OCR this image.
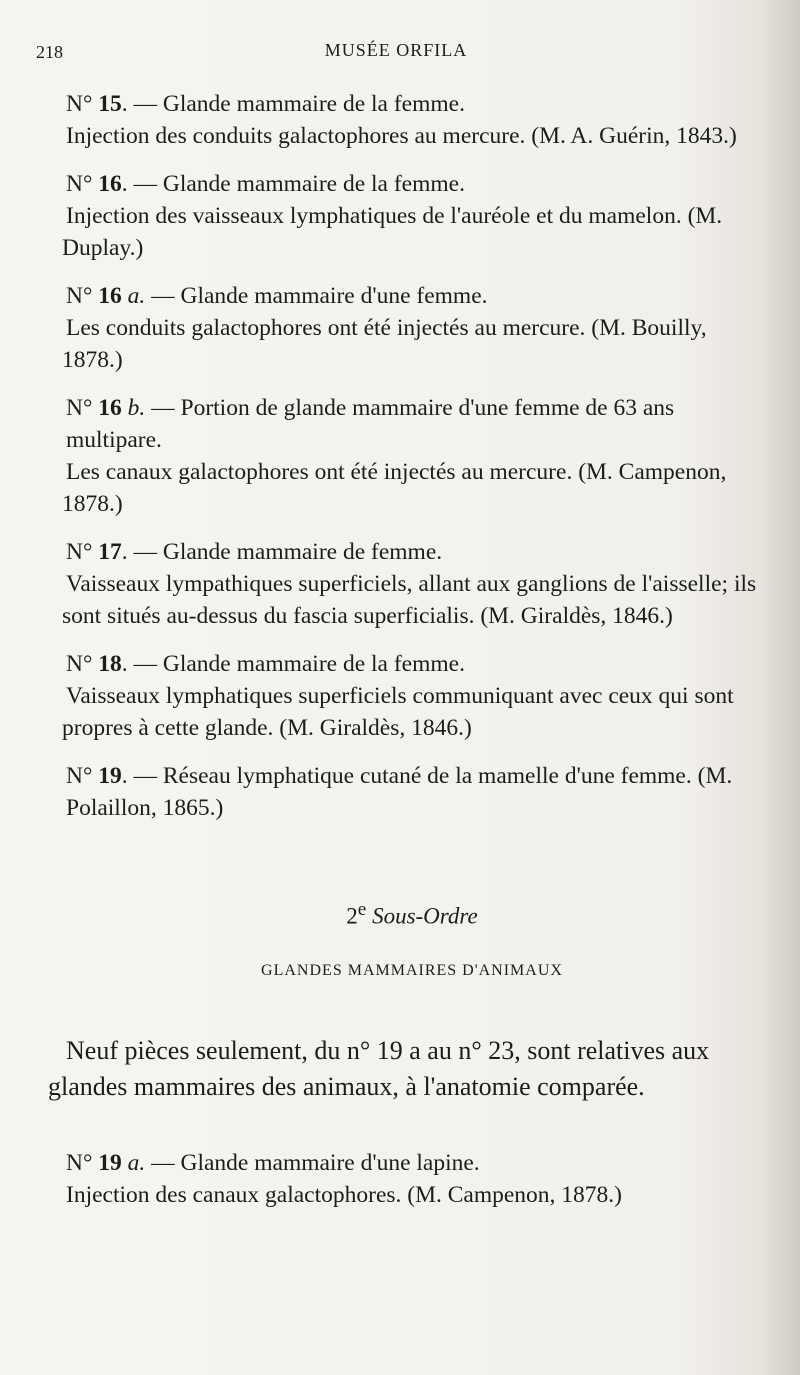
218	MUSÉE ORFILA

N° 15. — Glande mammaire de la femme.

Injection des conduits galactophores au mercure. (M. A. Guérin, 1843.)

N° 16. — Glande mammaire de la femme.

Injection des vaisseaux lymphatiques de l'auréole et du mamelon. (M. Duplay.)

N° 16 a. — Glande mammaire d'une femme.

Les conduits galactophores ont été injectés au mercure. (M. Bouilly, 1878.)

N° 16 b. — Portion de glande mammaire d'une femme de 63 ans multipare.

Les canaux galactophores ont été injectés au mercure. (M. Campenon, 1878.)

N° 17. — Glande mammaire de femme.

Vaisseaux lympathiques superficiels, allant aux ganglions de l'aisselle; ils sont situés au-dessus du fascia superficialis. (M. Giraldès, 1846.)

N° 18. — Glande mammaire de la femme.

Vaisseaux lymphatiques superficiels communiquant avec ceux qui sont propres à cette glande. (M. Giraldès, 1846.)

N° 19. — Réseau lymphatique cutané de la mamelle d'une femme. (M. Polaillon, 1865.)

2e Sous-Ordre
GLANDES MAMMAIRES D'ANIMAUX

Neuf pièces seulement, du n° 19 a au n° 23, sont relatives aux glandes mammaires des animaux, à l'anatomie comparée.

N° 19 a. — Glande mammaire d'une lapine.

Injection des canaux galactophores. (M. Campenon, 1878.)
